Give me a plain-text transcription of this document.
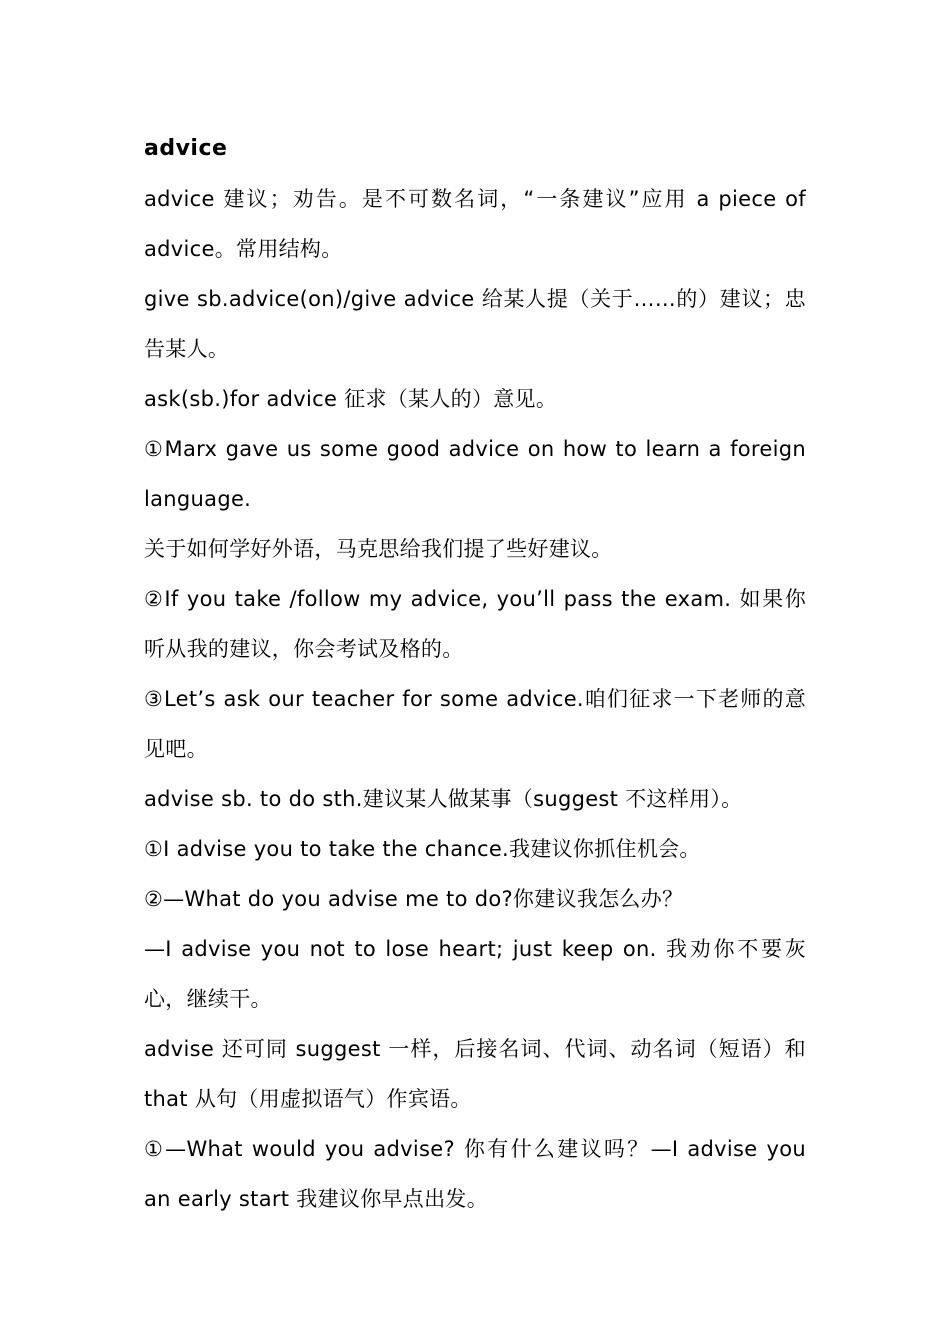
advice
advice 建议；劝告。是不可数名词，“一条建议”应用 a piece of advice。常用结构。
give sb.advice(on)/give advice 给某人提（关于……的）建议；忠告某人。
ask(sb.)for advice 征求（某人的）意见。
①Marx gave us some good advice on how to learn a foreign language.
关于如何学好外语，马克思给我们提了些好建议。
②If you take /follow my advice, you’ll pass the exam. 如果你听从我的建议，你会考试及格的。
③Let’s ask our teacher for some advice.咱们征求一下老师的意见吧。
advise sb. to do sth.建议某人做某事（suggest 不这样用）。
①I advise you to take the chance.我建议你抓住机会。
②—What do you advise me to do?你建议我怎么办？
—I advise you not to lose heart; just keep on. 我劝你不要灰心，继续干。
advise 还可同 suggest 一样，后接名词、代词、动名词（短语）和 that 从句（用虚拟语气）作宾语。
①—What would you advise? 你有什么建议吗？—I advise you an early start 我建议你早点出发。
